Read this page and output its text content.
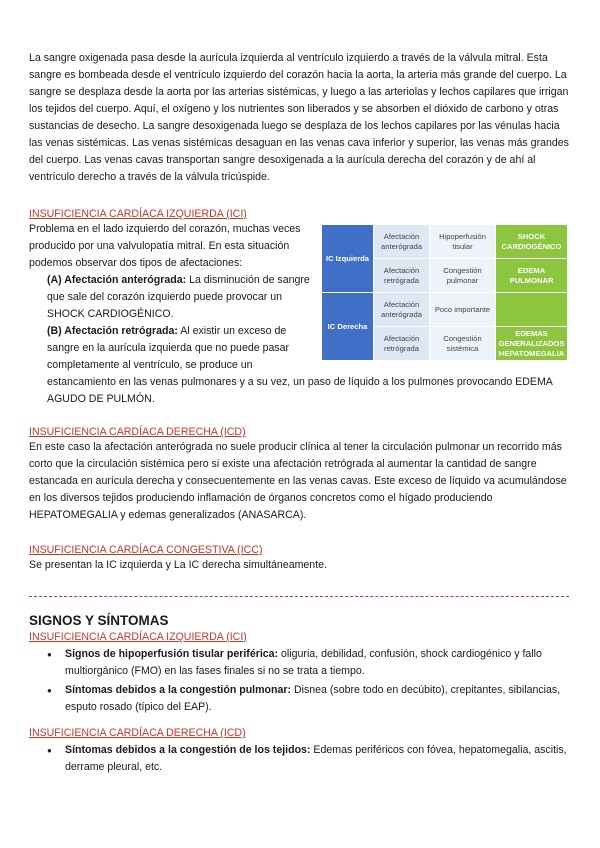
La sangre oxigenada pasa desde la aurícula izquierda al ventrículo izquierdo a través de la válvula mitral. Esta sangre es bombeada desde el ventrículo izquierdo del corazón hacia la aorta, la arteria más grande del cuerpo. La sangre se desplaza desde la aorta por las arterias sistémicas, y luego a las arteriolas y lechos capilares que irrigan los tejidos del cuerpo. Aquí, el oxígeno y los nutrientes son liberados y se absorben el dióxido de carbono y otras sustancias de desecho. La sangre desoxigenada luego se desplaza de los lechos capilares por las vénulas hacia las venas sistémicas. Las venas sistémicas desaguan en las venas cava inferior y superior, las venas más grandes del cuerpo. Las venas cavas transportan sangre desoxigenada a la aurícula derecha del corazón y de ahí al ventrículo derecho a través de la válvula tricúspide.

INSUFICIENCIA CARDÍACA IZQUIERDA (ICI)

Problema en el lado izquierdo del corazón, muchas veces producido por una valvulopatía mitral. En esta situación podemos observar dos tipos de afectaciones:

(A) Afectación anterógrada: La disminución de sangre que sale del corazón izquierdo puede provocar un SHOCK CARDIOGÉNICO.
(B) Afectación retrógrada: Al existir un exceso de sangre en la aurícula izquierda que no puede pasar completamente al ventrículo, se produce un

estancamiento en las venas pulmonares y a su vez, un paso de líquido a los pulmones provocando EDEMA AGUDO DE PULMÓN.

IC Izquierda	Afectación anterógrada	Hipoperfusión tisular	SHOCK CARDIOGÉNICO
	Afectación retrógrada	Congestión pulmonar	EDEMA PULMONAR
IC Derecha	Afectación anterógrada	Poco importante	
	Afectación retrógrada	Congestión sistémica	EDEMAS GENERALIZADOS HEPATOMEGALIA

INSUFICIENCIA CARDÍACA DERECHA (ICD)

En este caso la afectación anterógrada no suele producir clínica al tener la circulación pulmonar un recorrido más corto que la circulación sistémica pero si existe una afectación retrógrada al aumentar la cantidad de sangre estancada en aurícula derecha y consecuentemente en las venas cavas. Este exceso de líquido va acumulándose en los diversos tejidos produciendo inflamación de órganos concretos como el hígado produciendo HEPATOMEGALIA y edemas generalizados (ANASARCA).

INSUFICIENCIA CARDÍACA CONGESTIVA (ICC)

Se presentan la IC izquierda y La IC derecha simultáneamente.

SIGNOS Y SÍNTOMAS

INSUFICIENCIA CARDÍACA IZQUIERDA (ICI)

● Signos de hipoperfusión tisular periférica: oliguria, debilidad, confusión, shock cardiogénico y fallo multiorgánico (FMO) en las fases finales si no se trata a tiempo.
● Síntomas debidos a la congestión pulmonar: Disnea (sobre todo en decúbito), crepitantes, sibilancias, esputo rosado (típico del EAP).

INSUFICIENCIA CARDÍACA DERECHA (ICD)

● Síntomas debidos a la congestión de los tejidos: Edemas periféricos con fóvea, hepatomegalia, ascitis, derrame pleural, etc.
